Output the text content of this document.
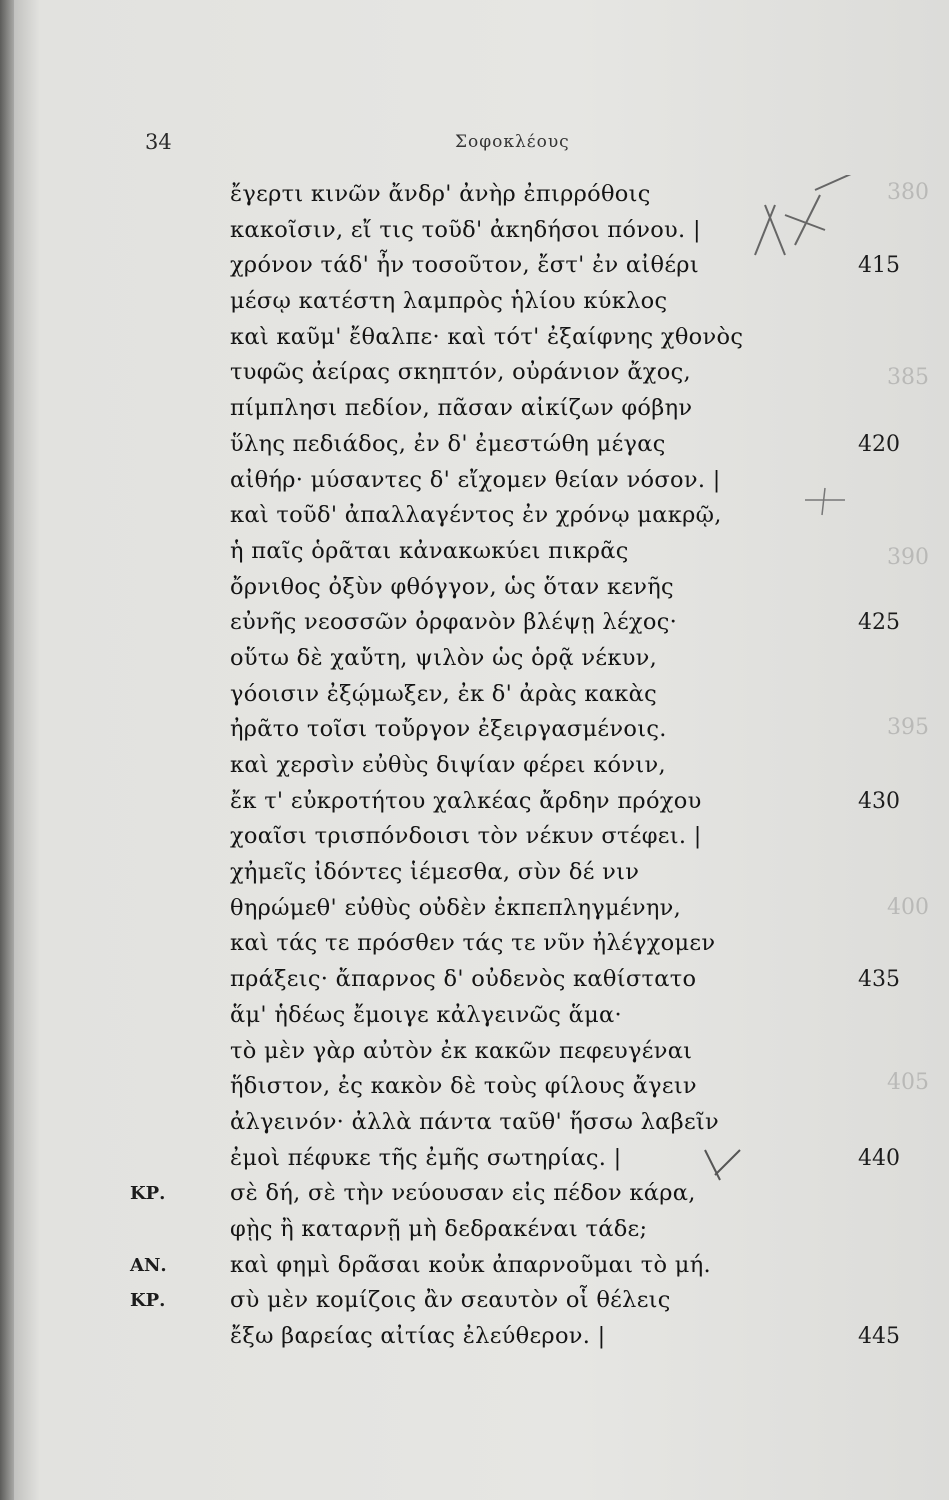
380
385
390
395
400
405
34	Σοφοκλέους
ἔγερτι κινῶν ἄνδρ' ἀνὴρ ἐπιρρόθοις
κακοῖσιν, εἴ τις τοῦδ' ἀκηδήσοι πόνου. |
χρόνον τάδ' ἦν τοσοῦτον, ἔστ' ἐν αἰθέρι	415
μέσῳ κατέστη λαμπρὸς ἡλίου κύκλος
καὶ καῦμ' ἔθαλπε· καὶ τότ' ἐξαίφνης χθονὸς
τυφῶς ἀείρας σκηπτόν, οὐράνιον ἄχος,
πίμπλησι πεδίον, πᾶσαν αἰκίζων φόβην
ὕλης πεδιάδος, ἐν δ' ἐμεστώθη μέγας	420
αἰθήρ· μύσαντες δ' εἴχομεν θείαν νόσον. |
καὶ τοῦδ' ἀπαλλαγέντος ἐν χρόνῳ μακρῷ,
ἡ παῖς ὁρᾶται κἀνακωκύει πικρᾶς
ὄρνιθος ὀξὺν φθόγγον, ὡς ὅταν κενῆς
εὐνῆς νεοσσῶν ὀρφανὸν βλέψῃ λέχος·	425
οὕτω δὲ χαὔτη, ψιλὸν ὡς ὁρᾷ νέκυν,
γόοισιν ἐξῴμωξεν, ἐκ δ' ἀρὰς κακὰς
ἠρᾶτο τοῖσι τοὔργον ἐξειργασμένοις.
καὶ χερσὶν εὐθὺς διψίαν φέρει κόνιν,
ἔκ τ' εὐκροτήτου χαλκέας ἄρδην πρόχου	430
χοαῖσι τρισπόνδοισι τὸν νέκυν στέφει. |
χἠμεῖς ἰδόντες ἱέμεσθα, σὺν δέ νιν
θηρώμεθ' εὐθὺς οὐδὲν ἐκπεπληγμένην,
καὶ τάς τε πρόσθεν τάς τε νῦν ἠλέγχομεν
πράξεις· ἄπαρνος δ' οὐδενὸς καθίστατο	435
ἅμ' ἡδέως ἔμοιγε κἀλγεινῶς ἅμα·
τὸ μὲν γὰρ αὐτὸν ἐκ κακῶν πεφευγέναι
ἥδιστον, ἐς κακὸν δὲ τοὺς φίλους ἄγειν
ἀλγεινόν· ἀλλὰ πάντα ταῦθ' ἥσσω λαβεῖν
ἐμοὶ πέφυκε τῆς ἐμῆς σωτηρίας. |	440
ΚΡ.	σὲ δή, σὲ τὴν νεύουσαν εἰς πέδον κάρα,
φῂς ἢ καταρνῇ μὴ δεδρακέναι τάδε;
ΑΝ.	καὶ φημὶ δρᾶσαι κοὐκ ἀπαρνοῦμαι τὸ μή.
ΚΡ.	σὺ μὲν κομίζοις ἂν σεαυτὸν οἷ θέλεις
ἔξω βαρείας αἰτίας ἐλεύθερον. |	445
